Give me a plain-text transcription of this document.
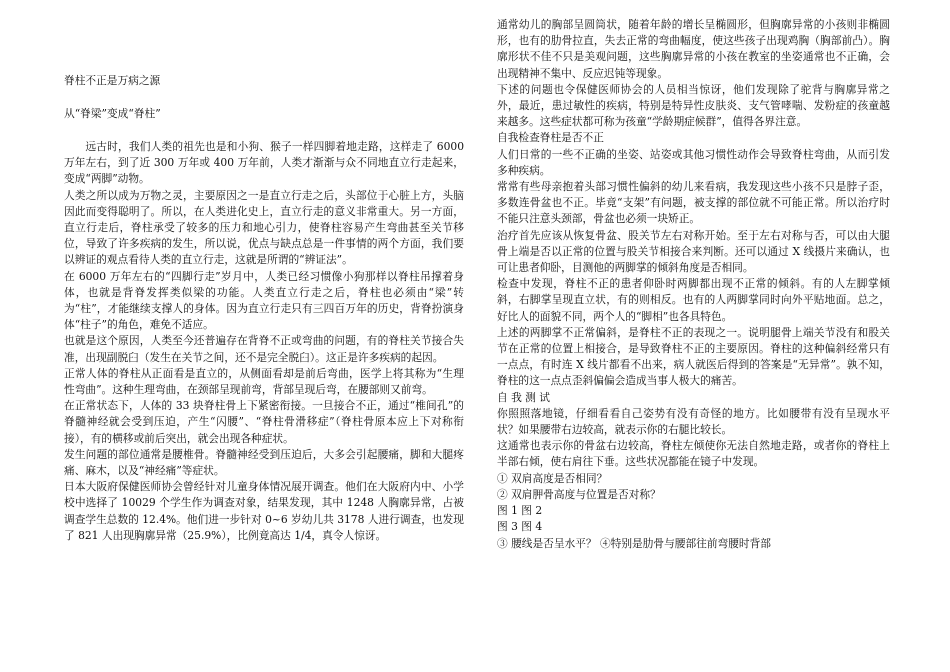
脊柱不正是万病之源

从“脊梁”变成“脊柱”

远古时，我们人类的祖先也是和小狗、猴子一样四脚着地走路，这样走了 6000 万年左右，到了近 300 万年或 400 万年前，人类才渐渐与众不同地直立行走起来，变成“两脚”动物。

人类之所以成为万物之灵，主要原因之一是直立行走之后，头部位于心脏上方，头脑因此而变得聪明了。所以，在人类进化史上，直立行走的意义非常重大。另一方面，直立行走后，脊柱承受了较多的压力和地心引力，使脊柱容易产生弯曲甚至关节移位，导致了许多疾病的发生，所以说，优点与缺点总是一件事情的两个方面，我们要以辨证的观点看待人类的直立行走，这就是所谓的“辨证法”。

在 6000 万年左右的“四脚行走”岁月中，人类已经习惯像小狗那样以脊柱吊撑着身体，也就是背脊发挥类似梁的功能。人类直立行走之后，脊柱也必须由“梁”转为“柱”，才能继续支撑人的身体。因为直立行走只有三四百万年的历史，背脊扮演身体“柱子”的角色，难免不适应。

也就是这个原因，人类至今还普遍存在背脊不正或弯曲的问题，有的脊柱关节接合失准，出现副脱臼（发生在关节之间，还不是完全脱臼）。这正是许多疾病的起因。

正常人体的脊柱从正面看是直立的，从侧面看却是前后弯曲，医学上将其称为“生理性弯曲”。这种生理弯曲，在颈部呈现前弯，背部呈现后弯，在腰部则又前弯。

在正常状态下，人体的 33 块脊柱骨上下紧密衔接。一旦接合不正，通过“椎间孔”的脊髓神经就会受到压迫，产生“闪腰”、“脊柱骨滑移症”（脊柱骨原本应上下对称衔接），有的横移或前后突出，就会出现各种症状。

发生问题的部位通常是腰椎骨。脊髓神经受到压迫后，大多会引起腰痛，脚和大腿疼痛、麻木，以及“神经痛”等症状。

日本大阪府保健医师协会曾经针对儿童身体情况展开调查。他们在大阪府内中、小学校中选择了 10029 个学生作为调查对象，结果发现，其中 1248 人胸廓异常，占被调查学生总数的 12.4%。他们进一步针对 0~6 岁幼儿共 3178 人进行调查，也发现了 821 人出现胸廓异常（25.9%），比例竟高达 1/4，真令人惊讶。

通常幼儿的胸部呈圆筒状，随着年龄的增长呈椭圆形，但胸廓异常的小孩则非椭圆形，也有的肋骨拉直，失去正常的弯曲幅度，使这些孩子出现鸡胸（胸部前凸）。胸廓形状不佳不只是美观问题，这些胸廓异常的小孩在教室的坐姿通常也不正确，会出现精神不集中、反应迟钝等现象。

下述的问题也令保健医师协会的人员相当惊讶，他们发现除了驼背与胸廓异常之外，最近，患过敏性的疾病，特别是特异性皮肤炎、支气管哮喘、发粉症的孩童越来越多。这些症状都可称为孩童“学龄期症候群”，值得各界注意。

自我检查脊柱是否不正

人们日常的一些不正确的坐姿、站姿或其他习惯性动作会导致脊柱弯曲，从而引发多种疾病。

常常有些母亲抱着头部习惯性偏斜的幼儿来看病，我发现这些小孩不只是脖子歪，多数连骨盆也不正。毕竟“支架”有问题，被支撑的部位就不可能正常。所以治疗时不能只注意头颈部，骨盆也必须一块矫正。

治疗首先应该从恢复骨盆、股关节左右对称开始。至于左右对称与否，可以由大腿骨上端是否以正常的位置与股关节相接合来判断。还可以通过 X 线摄片来确认，也可让患者仰卧，目测他的两脚掌的倾斜角度是否相同。

检查中发现，脊柱不正的患者仰卧时两脚都出现不正常的倾斜。有的人左脚掌倾斜，右脚掌呈现直立状，有的则相反。也有的人两脚掌同时向外平贴地面。总之，好比人的面貌不同，两个人的“脚相”也各具特色。

上述的两脚掌不正常偏斜，是脊柱不正的表现之一。说明腿骨上端关节没有和股关节在正常的位置上相接合，是导致脊柱不正的主要原因。脊柱的这种偏斜经常只有一点点，有时连 X 线片都看不出来，病人就医后得到的答案是“无异常”。孰不知，脊柱的这一点点歪斜偏偏会造成当事人极大的痛苦。

自 我 测 试

你照照落地镜，仔细看看自己姿势有没有奇怪的地方。比如腰带有没有呈现水平状？如果腰带右边较高，就表示你的右腿比较长。

这通常也表示你的骨盆右边较高，脊柱左倾使你无法自然地走路，或者你的脊柱上半部右倾，使右肩往下垂。这些状况都能在镜子中发现。

① 双肩高度是否相同？

② 双肩胛骨高度与位置是否对称？

图 1 图 2

图 3 图 4

③ 腰线是否呈水平？ ④特别是肋骨与腰部往前弯腰时背部
